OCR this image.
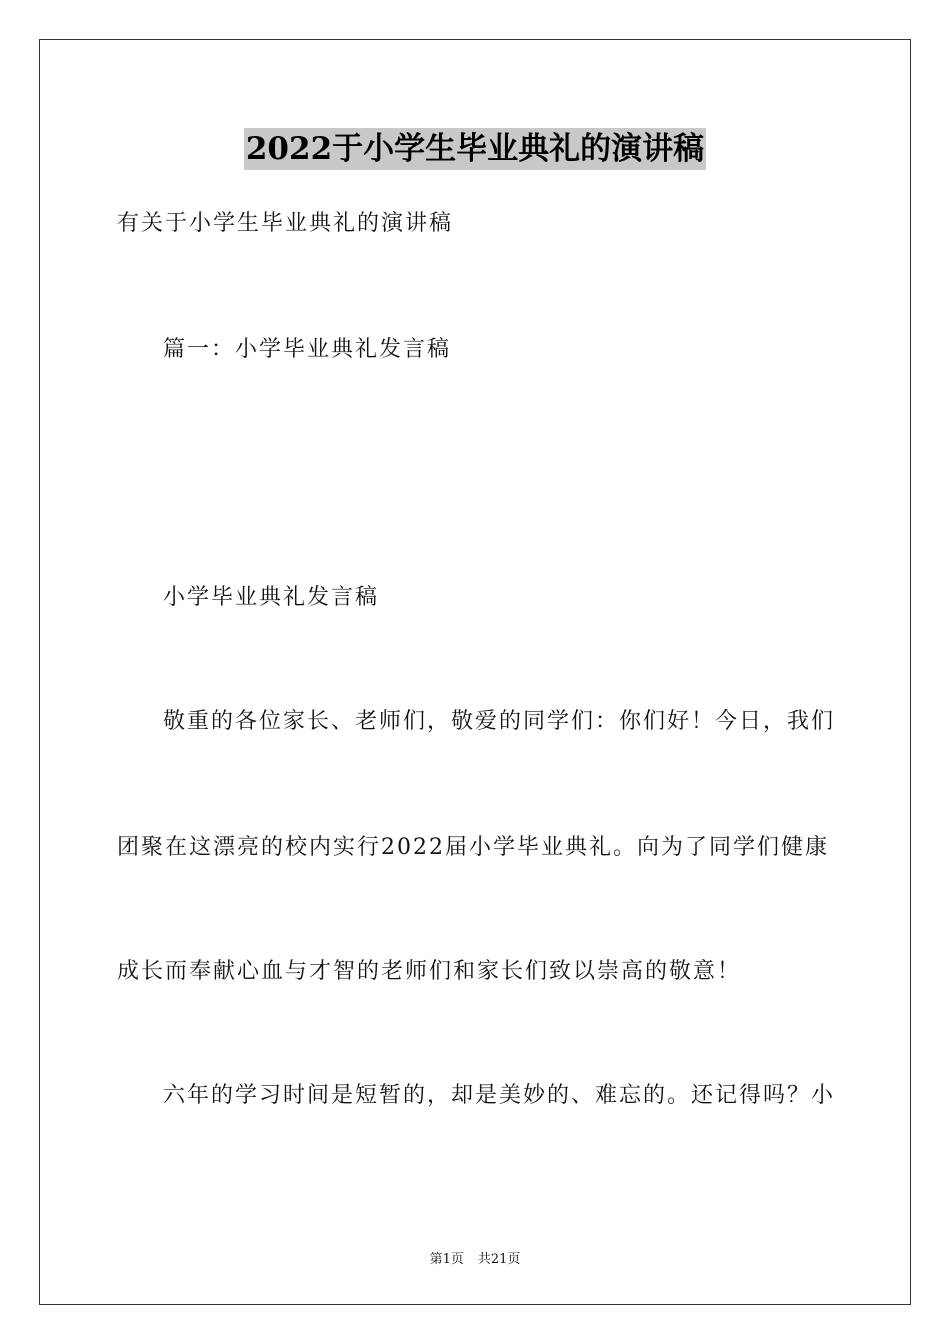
2022于小学生毕业典礼的演讲稿
有关于小学生毕业典礼的演讲稿
篇一：小学毕业典礼发言稿
小学毕业典礼发言稿
敬重的各位家长、老师们，敬爱的同学们：你们好！今日，我们
团聚在这漂亮的校内实行2022届小学毕业典礼。向为了同学们健康
成长而奉献心血与才智的老师们和家长们致以崇高的敬意！
六年的学习时间是短暂的，却是美妙的、难忘的。还记得吗？小
第1页 共21页
